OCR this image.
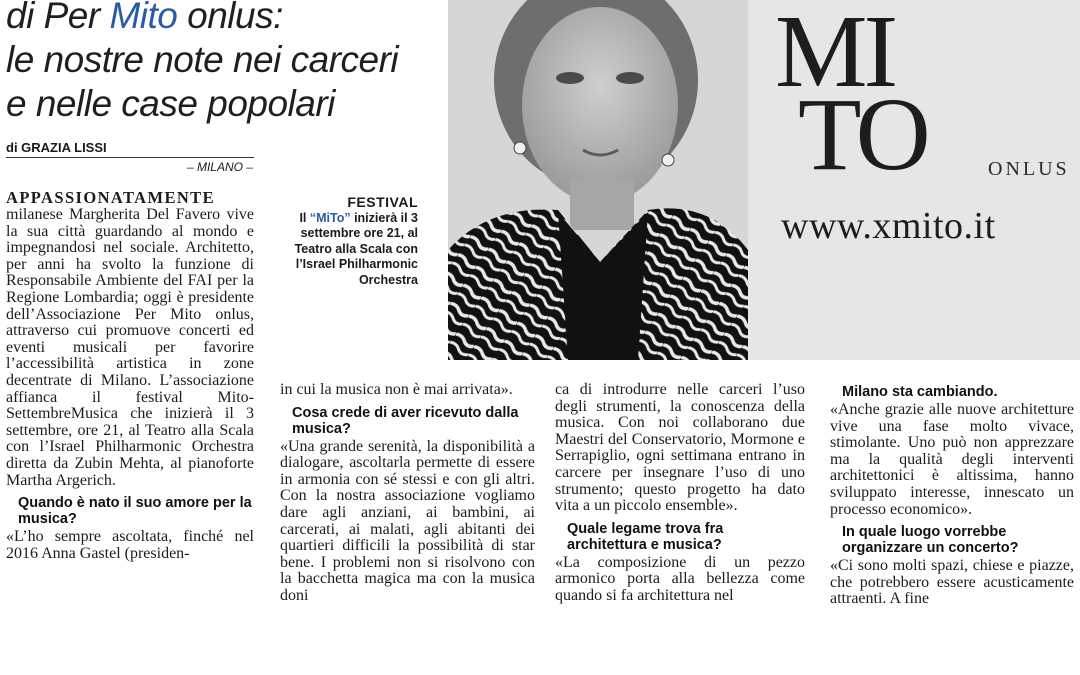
di Per Mito onlus:
le nostre note nei carceri
e nelle case popolari
di GRAZIA LISSI
– MILANO –
APPASSIONATAMENTE
milanese Margherita Del Favero vive la sua città guardando al mondo e impegnandosi nel sociale. Architetto, per anni ha svolto la funzione di Responsabile Ambiente del FAI per la Regione Lombardia; oggi è presidente dell’Associazione Per Mito onlus, attraverso cui promuove concerti ed eventi musicali per favorire l’accessibilità artistica in zone decentrate di Milano. L’associazione affianca il festival Mito-SettembreMusica che inizierà il 3 settembre, ore 21, al Teatro alla Scala con l’Israel Philharmonic Orchestra diretta da Zubin Mehta, al pianoforte Martha Argerich.
Quando è nato il suo amore per la musica?
«L’ho sempre ascoltata, finché nel 2016 Anna Gastel (presiden-
FESTIVAL
Il “MiTo” inizierà il 3 settembre ore 21, al Teatro alla Scala con l’Israel Philharmonic Orchestra
MI
TO	ONLUS
www.xmito.it
in cui la musica non è mai arrivata».
Cosa crede di aver ricevuto dalla musica?
«Una grande serenità, la disponibilità a dialogare, ascoltarla permette di essere in armonia con sé stessi e con gli altri. Con la nostra associazione vogliamo dare agli anziani, ai bambini, ai carcerati, ai malati, agli abitanti dei quartieri difficili la possibilità di star bene. I problemi non si risolvono con la bacchetta magica ma con la musica doni
ca di introdurre nelle carceri l’uso degli strumenti, la conoscenza della musica. Con noi collaborano due Maestri del Conservatorio, Mormone e Serrapiglio, ogni settimana entrano in carcere per insegnare l’uso di uno strumento; questo progetto ha dato vita a un piccolo ensemble».
Quale legame trova fra architettura e musica?
«La composizione di un pezzo armonico porta alla bellezza come quando si fa architettura nel
Milano sta cambiando.
«Anche grazie alle nuove architetture vive una fase molto vivace, stimolante. Uno può non apprezzare ma la qualità degli interventi architettonici è altissima, hanno sviluppato interesse, innescato un processo economico».
In quale luogo vorrebbe organizzare un concerto?
«Ci sono molti spazi, chiese e piazze, che potrebbero essere acusticamente attraenti. A fine
